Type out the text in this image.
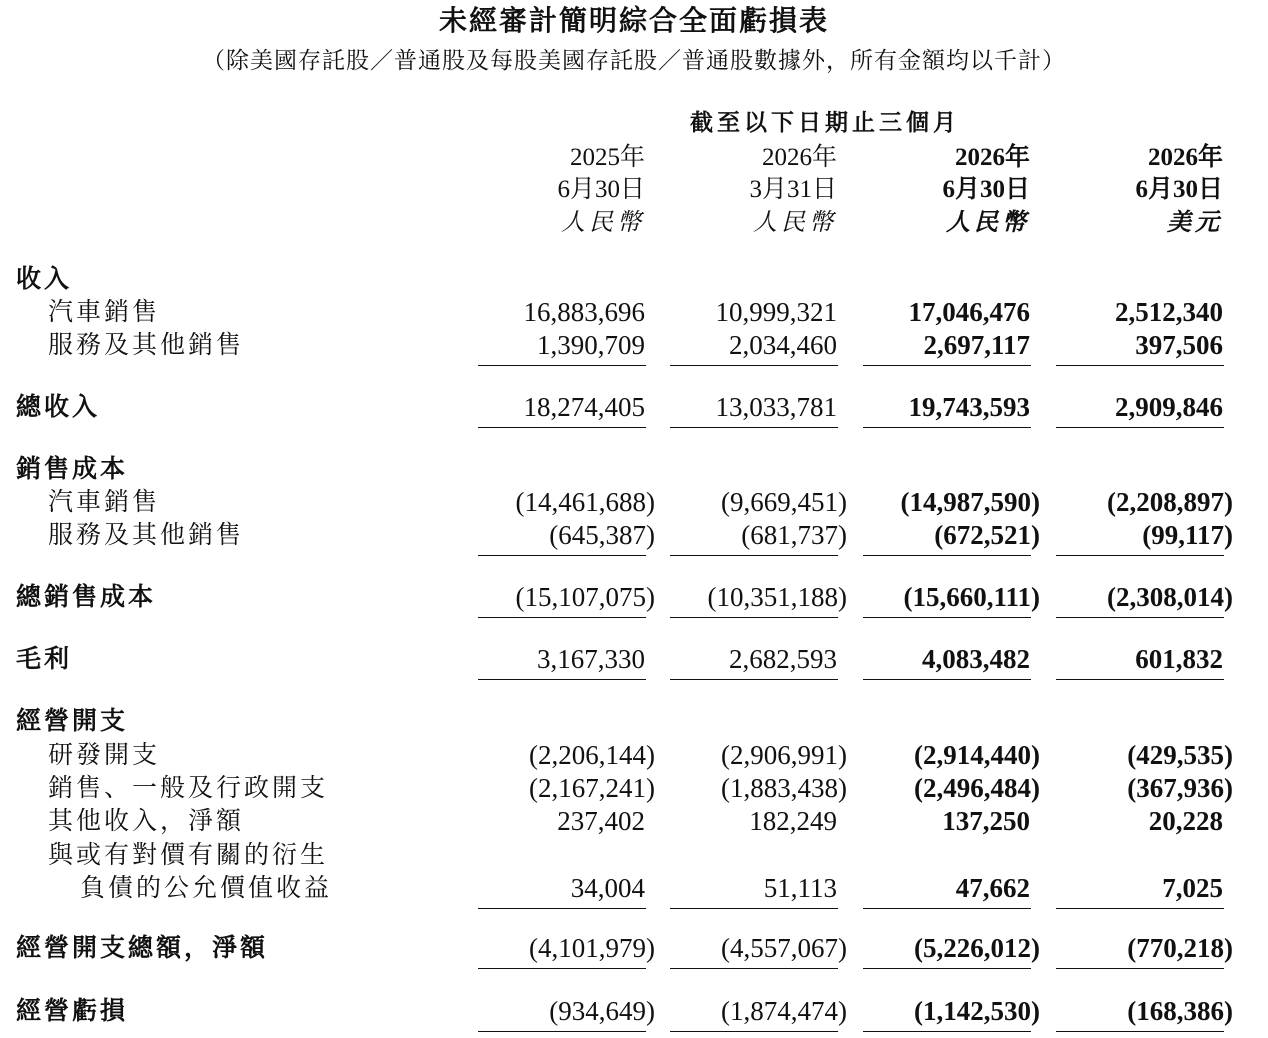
未經審計簡明綜合全面虧損表
（除美國存託股／普通股及每股美國存託股／普通股數據外，所有金額均以千計）
截至以下日期止三個月
2025年
6月30日
人民幣
2026年
3月31日
人民幣
2026年
6月30日
人民幣
2026年
6月30日
美元
收入
汽車銷售	16,883,696	10,999,321	17,046,476	2,512,340
服務及其他銷售	1,390,709	2,034,460	2,697,117	397,506
總收入	18,274,405	13,033,781	19,743,593	2,909,846
銷售成本
汽車銷售	(14,461,688) (9,669,451) (14,987,590) (2,208,897)
服務及其他銷售	(645,387)	(681,737)	(672,521)	(99,117)
總銷售成本	(15,107,075) (10,351,188) (15,660,111) (2,308,014)
毛利	3,167,330	2,682,593	4,083,482	601,832
經營開支
研發開支	(2,206,144) (2,906,991) (2,914,440)	(429,535)
銷售、一般及行政開支	(2,167,241) (1,883,438) (2,496,484)	(367,936)
其他收入，淨額	237,402	182,249	137,250	20,228
與或有對價有關的衍生
負債的公允價值收益	34,004	51,113	47,662	7,025
經營開支總額，淨額	(4,101,979) (4,557,067) (5,226,012)	(770,218)
經營虧損	(934,649) (1,874,474) (1,142,530)	(168,386)
